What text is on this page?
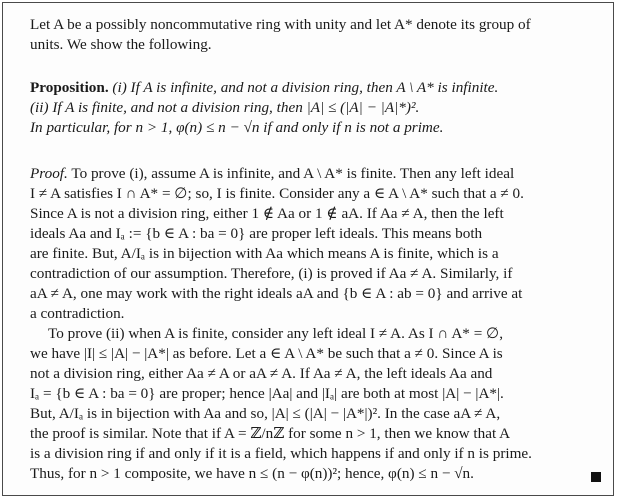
Let A be a possibly noncommutative ring with unity and let A* denote its group of
units. We show the following.
Proposition. (i) If A is infinite, and not a division ring, then A \ A* is infinite.
(ii) If A is finite, and not a division ring, then |A| ≤ (|A| − |A|*)².
In particular, for n > 1, φ(n) ≤ n − √n if and only if n is not a prime.
Proof. To prove (i), assume A is infinite, and A \ A* is finite. Then any left ideal
I ≠ A satisfies I ∩ A* = ∅; so, I is finite. Consider any a ∈ A \ A* such that a ≠ 0.
Since A is not a division ring, either 1 ∉ Aa or 1 ∉ aA. If Aa ≠ A, then the left
ideals Aa and Iₐ := {b ∈ A : ba = 0} are proper left ideals. This means both
are finite. But, A/Iₐ is in bijection with Aa which means A is finite, which is a
contradiction of our assumption. Therefore, (i) is proved if Aa ≠ A. Similarly, if
aA ≠ A, one may work with the right ideals aA and {b ∈ A : ab = 0} and arrive at
a contradiction.
To prove (ii) when A is finite, consider any left ideal I ≠ A. As I ∩ A* = ∅,
we have |I| ≤ |A| − |A*| as before. Let a ∈ A \ A* be such that a ≠ 0. Since A is
not a division ring, either Aa ≠ A or aA ≠ A. If Aa ≠ A, the left ideals Aa and
Iₐ = {b ∈ A : ba = 0} are proper; hence |Aa| and |Iₐ| are both at most |A| − |A*|.
But, A/Iₐ is in bijection with Aa and so, |A| ≤ (|A| − |A*|)². In the case aA ≠ A,
the proof is similar. Note that if A = ℤ/nℤ for some n > 1, then we know that A
is a division ring if and only if it is a field, which happens if and only if n is prime.
Thus, for n > 1 composite, we have n ≤ (n − φ(n))²; hence, φ(n) ≤ n − √n.
